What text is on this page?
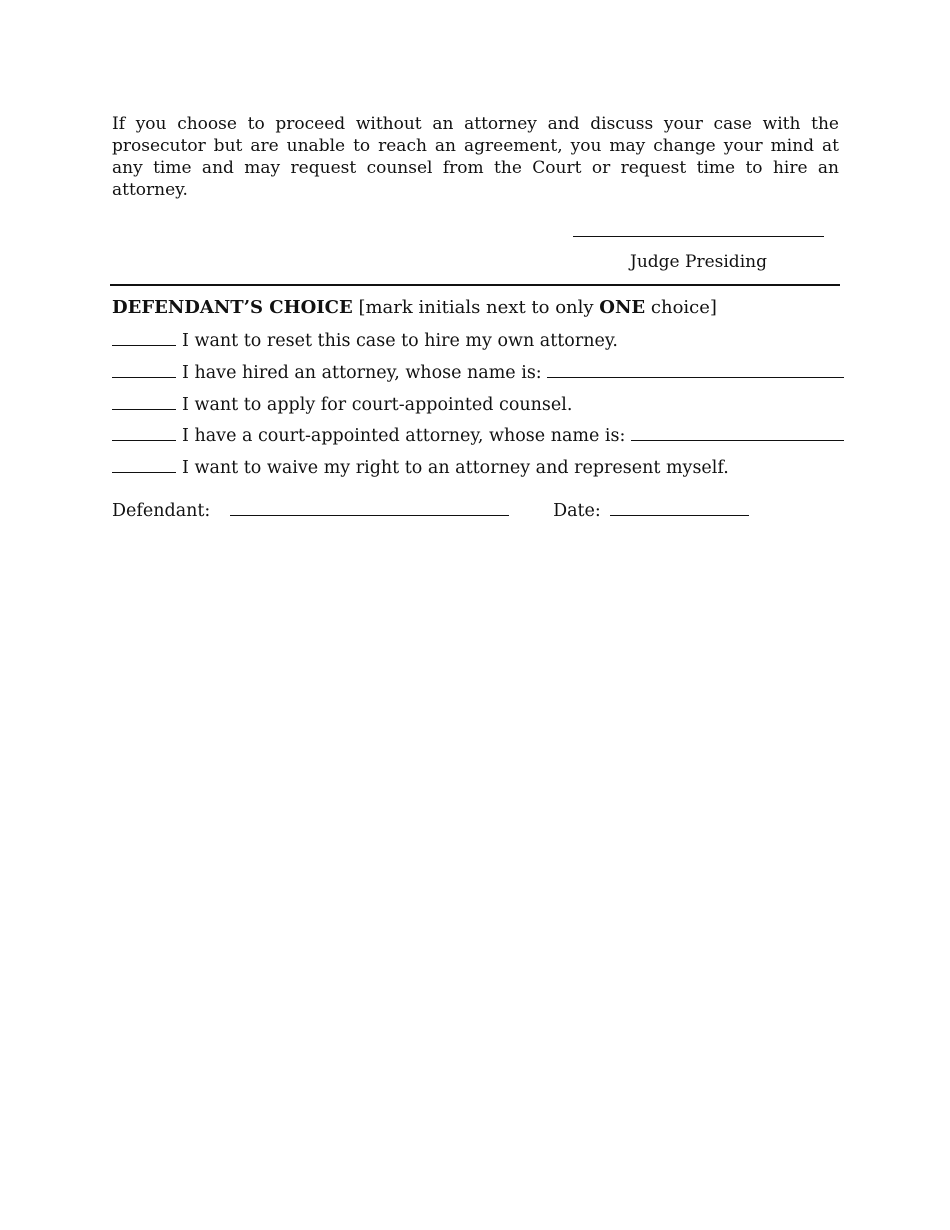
If you choose to proceed without an attorney and discuss your case with the prosecutor but are unable to reach an agreement, you may change your mind at any time and may request counsel from the Court or request time to hire an attorney.

Judge Presiding
DEFENDANT’S CHOICE [mark initials next to only ONE choice]
I want to reset this case to hire my own attorney.
I have hired an attorney, whose name is:
I want to apply for court-appointed counsel.
I have a court-appointed attorney, whose name is:
I want to waive my right to an attorney and represent myself.
Defendant:	Date:
